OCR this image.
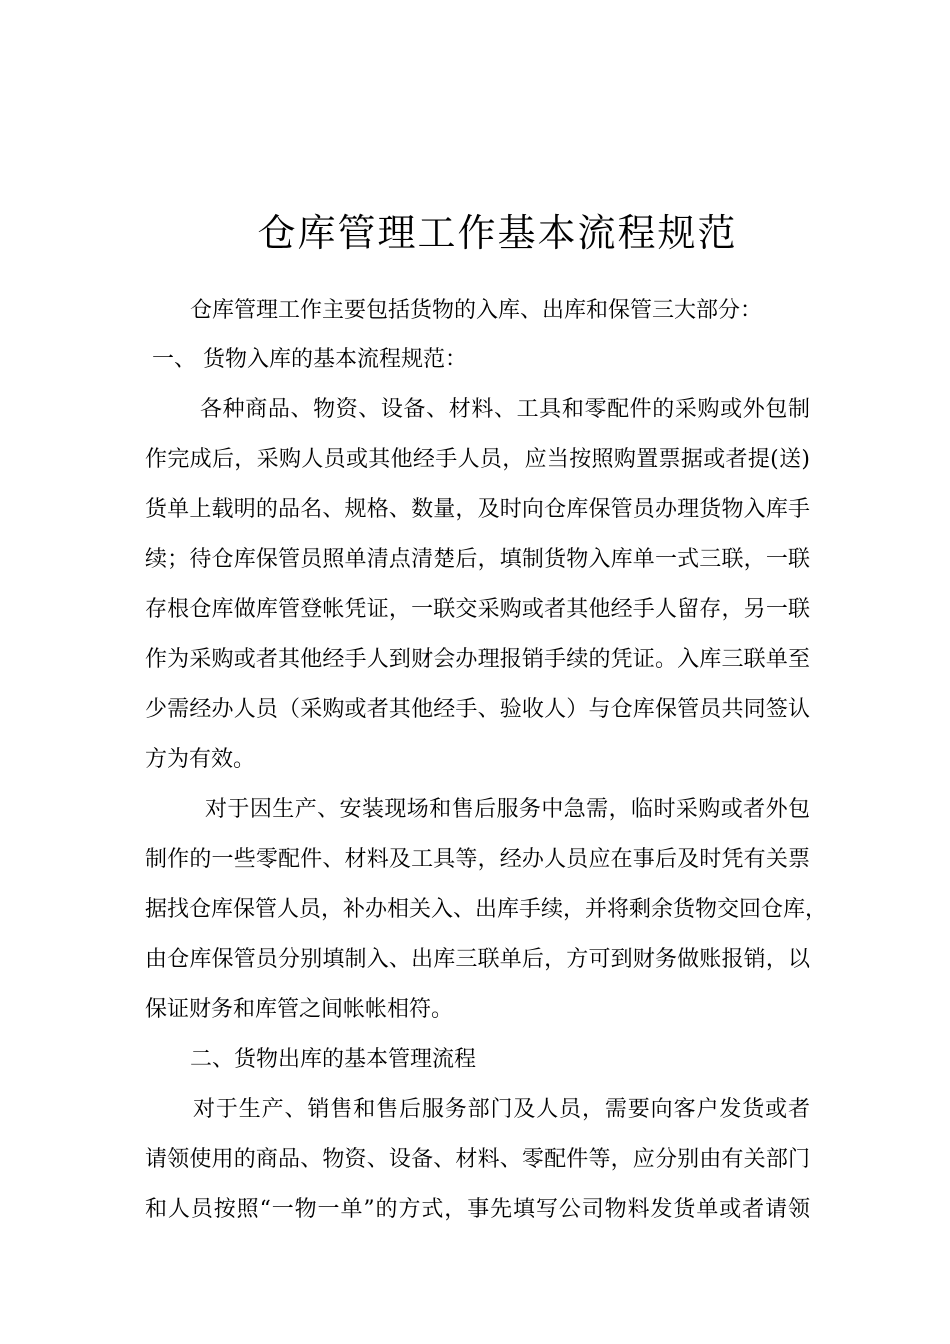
仓库管理工作基本流程规范
仓库管理工作主要包括货物的入库、出库和保管三大部分：
一、 货物入库的基本流程规范：
各种商品、物资、设备、材料、工具和零配件的采购或外包制
作完成后，采购人员或其他经手人员，应当按照购置票据或者提(送)
货单上载明的品名、规格、数量，及时向仓库保管员办理货物入库手
续；待仓库保管员照单清点清楚后，填制货物入库单一式三联，一联
存根仓库做库管登帐凭证，一联交采购或者其他经手人留存，另一联
作为采购或者其他经手人到财会办理报销手续的凭证。入库三联单至
少需经办人员（采购或者其他经手、验收人）与仓库保管员共同签认
方为有效。
对于因生产、安装现场和售后服务中急需，临时采购或者外包
制作的一些零配件、材料及工具等，经办人员应在事后及时凭有关票
据找仓库保管人员，补办相关入、出库手续，并将剩余货物交回仓库，
由仓库保管员分别填制入、出库三联单后，方可到财务做账报销，以
保证财务和库管之间帐帐相符。
二、货物出库的基本管理流程
对于生产、销售和售后服务部门及人员，需要向客户发货或者
请领使用的商品、物资、设备、材料、零配件等，应分别由有关部门
和人员按照“一物一单”的方式，事先填写公司物料发货单或者请领
